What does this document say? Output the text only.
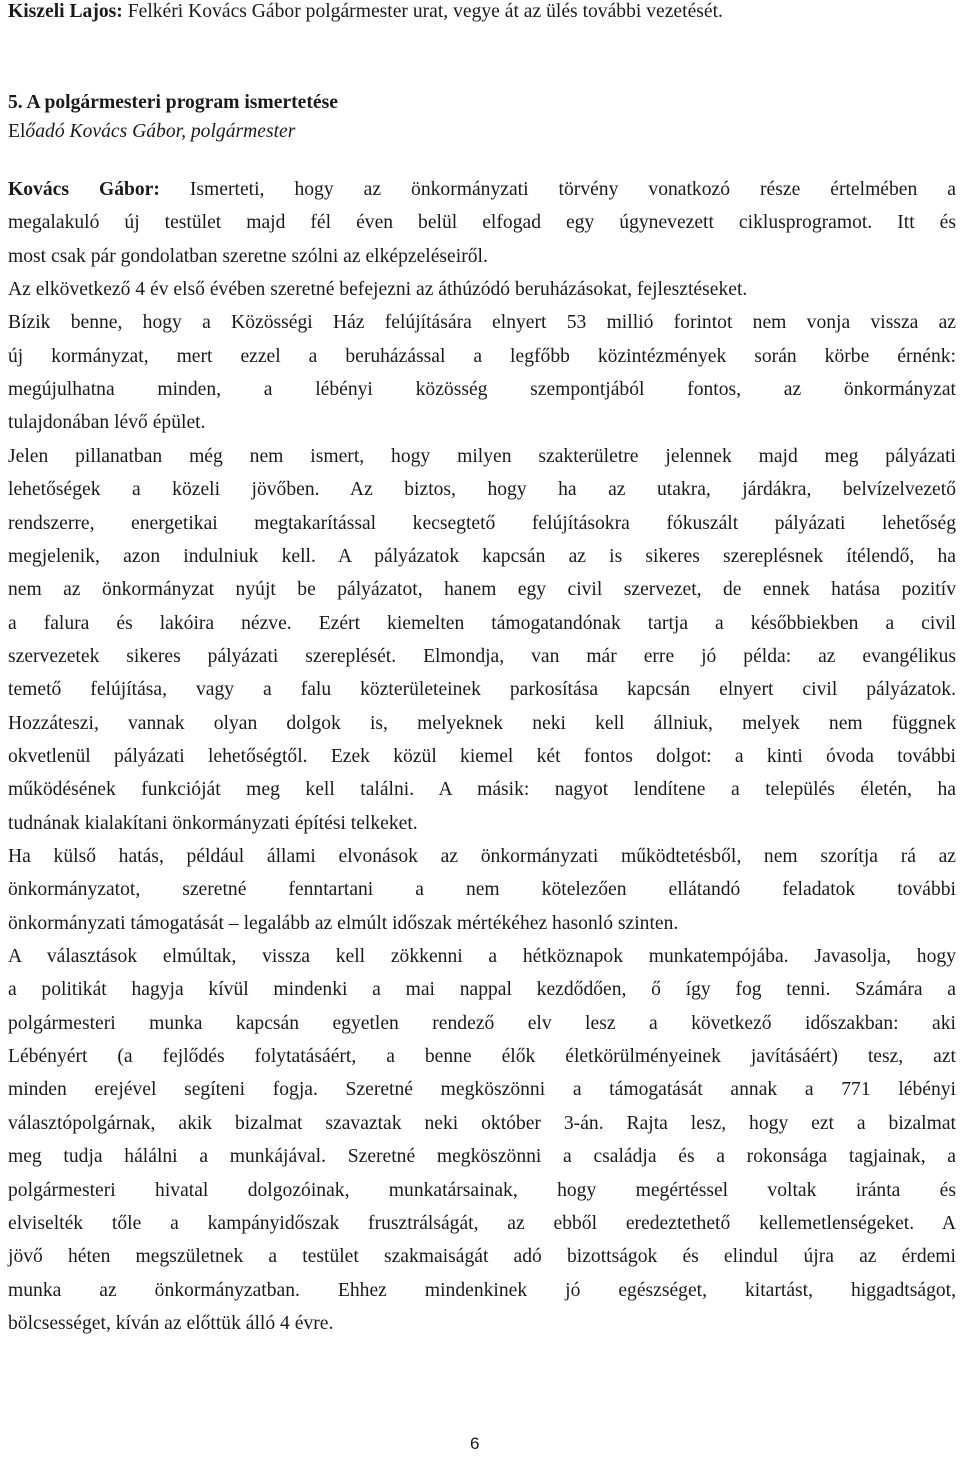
Kiszeli Lajos: Felkéri Kovács Gábor polgármester urat, vegye át az ülés további vezetését.
5. A polgármesteri program ismertetése
Előadó Kovács Gábor, polgármester
Kovács Gábor: Ismerteti, hogy az önkormányzati törvény vonatkozó része értelmében a
megalakuló új testület majd fél éven belül elfogad egy úgynevezett ciklusprogramot. Itt és
most csak pár gondolatban szeretne szólni az elképzeléseiről.
Az elkövetkező 4 év első évében szeretné befejezni az áthúzódó beruházásokat, fejlesztéseket.
Bízik benne, hogy a Közösségi Ház felújítására elnyert 53 millió forintot nem vonja vissza az
új kormányzat, mert ezzel a beruházással a legfőbb közintézmények során körbe érnénk:
megújulhatna minden, a lébényi közösség szempontjából fontos, az önkormányzat
tulajdonában lévő épület.
Jelen pillanatban még nem ismert, hogy milyen szakterületre jelennek majd meg pályázati
lehetőségek a közeli jövőben. Az biztos, hogy ha az utakra, járdákra, belvízelvezető
rendszerre, energetikai megtakarítással kecsegtető felújításokra fókuszált pályázati lehetőség
megjelenik, azon indulniuk kell. A pályázatok kapcsán az is sikeres szereplésnek ítélendő, ha
nem az önkormányzat nyújt be pályázatot, hanem egy civil szervezet, de ennek hatása pozitív
a falura és lakóira nézve. Ezért kiemelten támogatandónak tartja a későbbiekben a civil
szervezetek sikeres pályázati szereplését. Elmondja, van már erre jó példa: az evangélikus
temető felújítása, vagy a falu közterületeinek parkosítása kapcsán elnyert civil pályázatok.
Hozzáteszi, vannak olyan dolgok is, melyeknek neki kell állniuk, melyek nem függnek
okvetlenül pályázati lehetőségtől. Ezek közül kiemel két fontos dolgot: a kinti óvoda további
működésének funkcióját meg kell találni. A másik: nagyot lendítene a település életén, ha
tudnának kialakítani önkormányzati építési telkeket.
Ha külső hatás, például állami elvonások az önkormányzati működtetésből, nem szorítja rá az
önkormányzatot, szeretné fenntartani a nem kötelezően ellátandó feladatok további
önkormányzati támogatását – legalább az elmúlt időszak mértékéhez hasonló szinten.
A választások elmúltak, vissza kell zökkenni a hétköznapok munkatempójába. Javasolja, hogy
a politikát hagyja kívül mindenki a mai nappal kezdődően, ő így fog tenni. Számára a
polgármesteri munka kapcsán egyetlen rendező elv lesz a következő időszakban: aki
Lébényért (a fejlődés folytatásáért, a benne élők életkörülményeinek javításáért) tesz, azt
minden erejével segíteni fogja. Szeretné megköszönni a támogatását annak a 771 lébényi
választópolgárnak, akik bizalmat szavaztak neki október 3-án. Rajta lesz, hogy ezt a bizalmat
meg tudja hálálni a munkájával. Szeretné megköszönni a családja és a rokonsága tagjainak, a
polgármesteri hivatal dolgozóinak, munkatársainak, hogy megértéssel voltak iránta és
elviselték tőle a kampányidőszak frusztrálságát, az ebből eredeztethető kellemetlenségeket. A
jövő héten megszületnek a testület szakmaiságát adó bizottságok és elindul újra az érdemi
munka az önkormányzatban. Ehhez mindenkinek jó egészséget, kitartást, higgadtságot,
bölcsességet, kíván az előttük álló 4 évre.
6
